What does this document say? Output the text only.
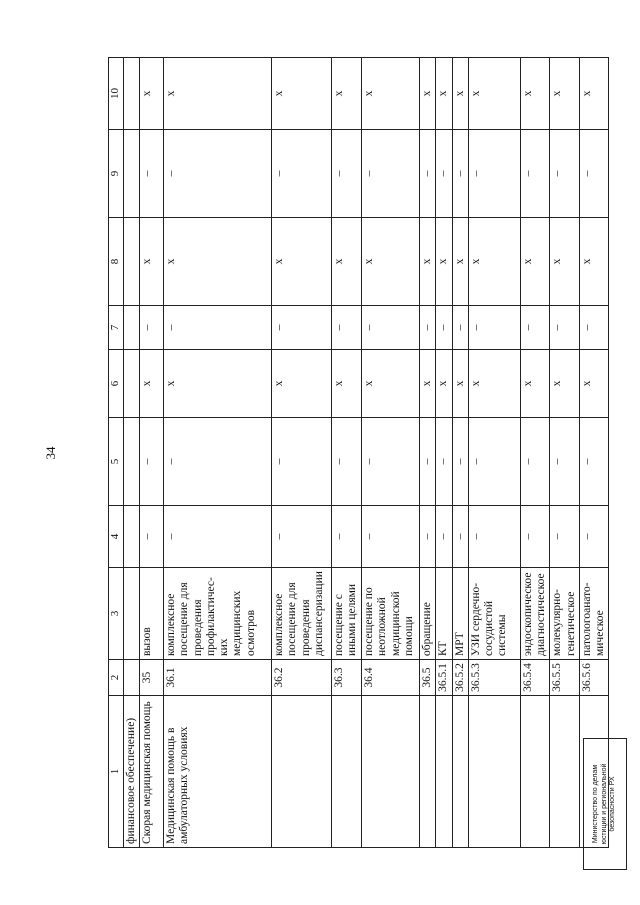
34
1	2	3	4	5	6	7	8	9	10
финансовое обеспечение)									
Скорая медицинская помощь	35	вызов	–	–	x	–	x	–	x
Медицинская помощь в амбулаторных условиях	36.1	комплексное посещение для проведения профилактичес-ких медицинских осмотров	–	–	x	–	x	–	x
	36.2	комплексное посещение для проведения диспансеризации	–	–	x	–	x	–	x
	36.3	посещение с иными целями	–	–	x	–	x	–	x
	36.4	посещение по неотложной медицинской помощи	–	–	x	–	x	–	x
	36.5	обращение	–	–	x	–	x	–	x
	36.5.1	КТ	–	–	x	–	x	–	x
	36.5.2	МРТ	–	–	x	–	x	–	x
	36.5.3	УЗИ сердечно-сосудистой системы	–	–	x	–	x	–	x
	36.5.4	эндоскопическое диагностическое	–	–	x	–	x	–	x
	36.5.5	молекулярно-генетическое	–	–	x	–	x	–	x
	36.5.6	патологоанато-мическое	–	–	x	–	x	–	x
Министерство по делам юстиции и региональной безопасности РХ
